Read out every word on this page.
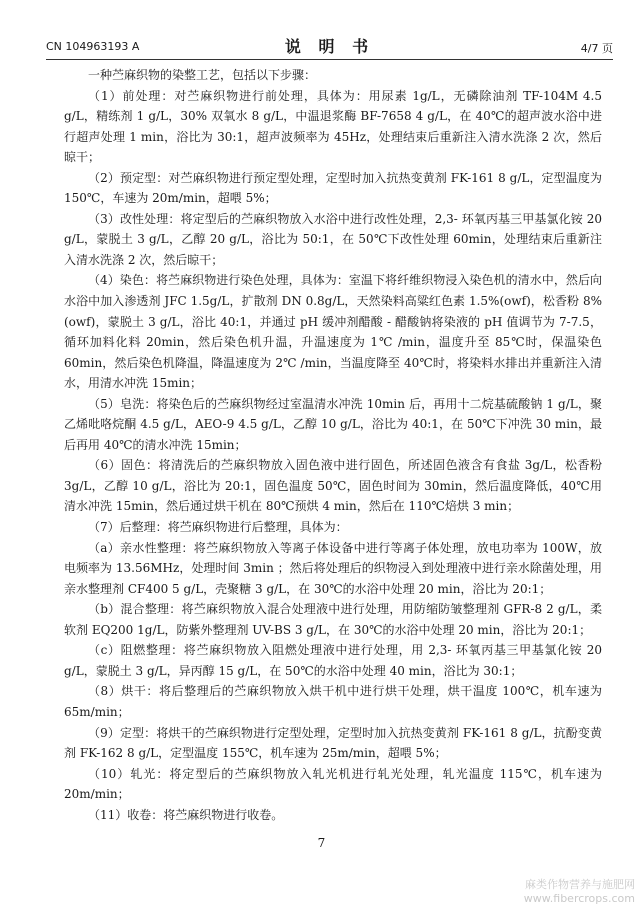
CN 104963193 A	说 明 书	4/7 页

一种苎麻织物的染整工艺，包括以下步骤：

（1）前处理：对苎麻织物进行前处理，具体为：用尿素 1g/L，无磷除油剂 TF-104M 4.5 g/L，精练剂 1 g/L，30% 双氧水 8 g/L，中温退浆酶 BF-7658 4 g/L，在 40℃的超声波水浴中进行超声处理 1 min，浴比为 30:1，超声波频率为 45Hz，处理结束后重新注入清水洗涤 2 次，然后晾干；

（2）预定型：对苎麻织物进行预定型处理，定型时加入抗热变黄剂 FK-161 8 g/L，定型温度为 150℃，车速为 20m/min，超喂 5%；

（3）改性处理：将定型后的苎麻织物放入水浴中进行改性处理，2,3- 环氧丙基三甲基氯化铵 20 g/L，蒙脱土 3 g/L，乙醇 20 g/L，浴比为 50:1，在 50℃下改性处理 60min，处理结束后重新注入清水洗涤 2 次，然后晾干；

（4）染色：将苎麻织物进行染色处理，具体为：室温下将纤维织物浸入染色机的清水中，然后向水浴中加入渗透剂 JFC 1.5g/L，扩散剂 DN 0.8g/L，天然染料高粱红色素 1.5%(owf)，松香粉 8%(owf)，蒙脱土 3 g/L，浴比 40:1，并通过 pH 缓冲剂醋酸 - 醋酸钠将染液的 pH 值调节为 7-7.5，循环加料化料 20min，然后染色机升温，升温速度为 1℃ /min，温度升至 85℃时，保温染色 60min，然后染色机降温，降温速度为 2℃ /min，当温度降至 40℃时，将染料水排出并重新注入清水，用清水冲洗 15min；

（5）皂洗：将染色后的苎麻织物经过室温清水冲洗 10min 后，再用十二烷基硫酸钠 1 g/L，聚乙烯吡咯烷酮 4.5 g/L，AEO-9 4.5 g/L，乙醇 10 g/L，浴比为 40:1，在 50℃下冲洗 30 min，最后再用 40℃的清水冲洗 15min；

（6）固色：将清洗后的苎麻织物放入固色液中进行固色，所述固色液含有食盐 3g/L，松香粉 3g/L，乙醇 10 g/L，浴比为 20:1，固色温度 50℃，固色时间为 30min，然后温度降低，40℃用清水冲洗 15min，然后通过烘干机在 80℃预烘 4 min，然后在 110℃焙烘 3 min；

（7）后整理：将苎麻织物进行后整理，具体为：

（a）亲水性整理：将苎麻织物放入等离子体设备中进行等离子体处理，放电功率为 100W，放电频率为 13.56MHz，处理时间 3min ；然后将处理后的织物浸入到处理液中进行亲水除菌处理，用亲水整理剂 CF400 5 g/L，壳聚糖 3 g/L，在 30℃的水浴中处理 20 min，浴比为 20:1；

（b）混合整理：将苎麻织物放入混合处理液中进行处理，用防缩防皱整理剂 GFR-8 2 g/L，柔软剂 EQ200 1g/L，防紫外整理剂 UV-BS 3 g/L，在 30℃的水浴中处理 20 min，浴比为 20:1；

（c）阻燃整理：将苎麻织物放入阻燃处理液中进行处理，用 2,3- 环氧丙基三甲基氯化铵 20 g/L，蒙脱土 3 g/L，异丙醇 15 g/L，在 50℃的水浴中处理 40 min，浴比为 30:1；

（8）烘干：将后整理后的苎麻织物放入烘干机中进行烘干处理，烘干温度 100℃，机车速为 65m/min；

（9）定型：将烘干的苎麻织物进行定型处理，定型时加入抗热变黄剂 FK-161 8 g/L，抗酚变黄剂 FK-162 8 g/L，定型温度 155℃，机车速为 25m/min，超喂 5%；

（10）轧光：将定型后的苎麻织物放入轧光机进行轧光处理，轧光温度 115℃，机车速为 20m/min；

（11）收卷：将苎麻织物进行收卷。

7
麻类作物营养与施肥网
www.fibercrops.com
